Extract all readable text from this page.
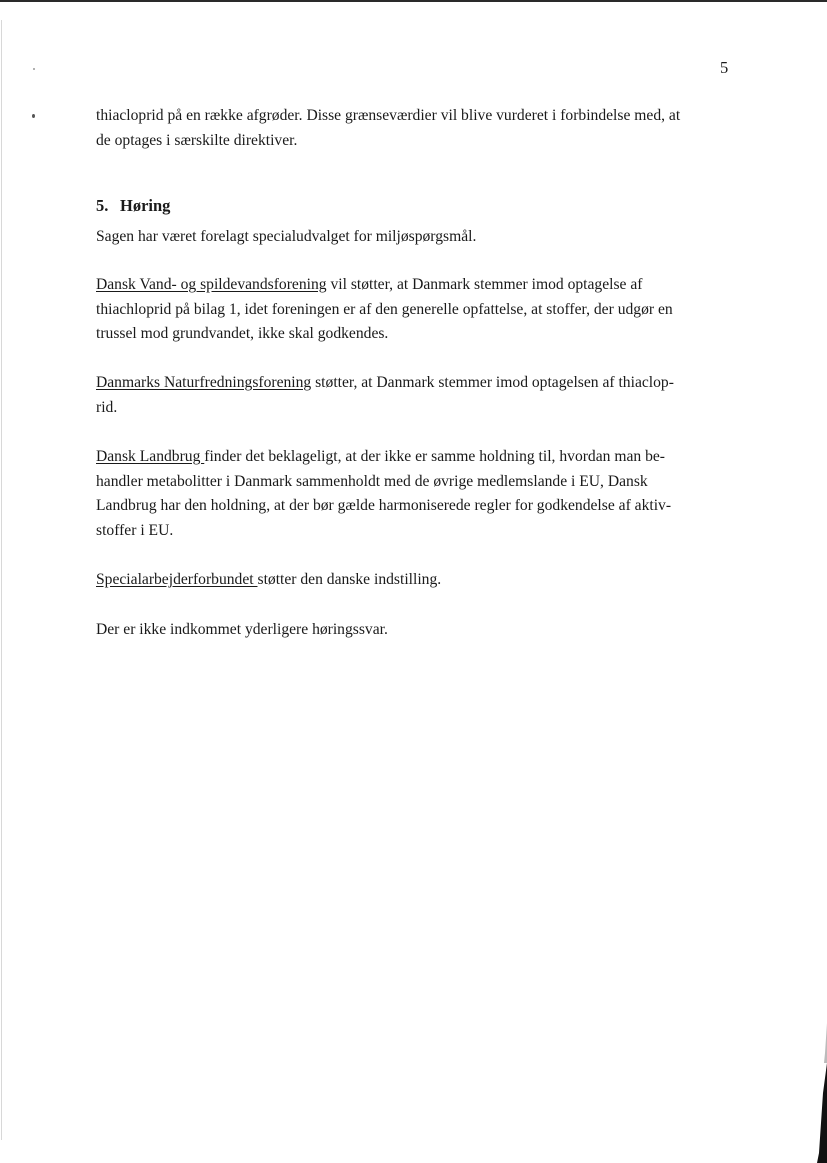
5
thiacloprid på en række afgrøder. Disse grænseværdier vil blive vurderet i forbindelse med, at
de optages i særskilte direktiver.
5. Høring
Sagen har været forelagt specialudvalget for miljøspørgsmål.
Dansk Vand- og spildevandsforening vil støtter, at Danmark stemmer imod optagelse af
thiachloprid på bilag 1, idet foreningen er af den generelle opfattelse, at stoffer, der udgør en
trussel mod grundvandet, ikke skal godkendes.
Danmarks Naturfredningsforening støtter, at Danmark stemmer imod optagelsen af thiaclop-
rid.
Dansk Landbrug finder det beklageligt, at der ikke er samme holdning til, hvordan man be-
handler metabolitter i Danmark sammenholdt med de øvrige medlemslande i EU, Dansk
Landbrug har den holdning, at der bør gælde harmoniserede regler for godkendelse af aktiv-
stoffer i EU.
Specialarbejderforbundet støtter den danske indstilling.
Der er ikke indkommet yderligere høringssvar.
